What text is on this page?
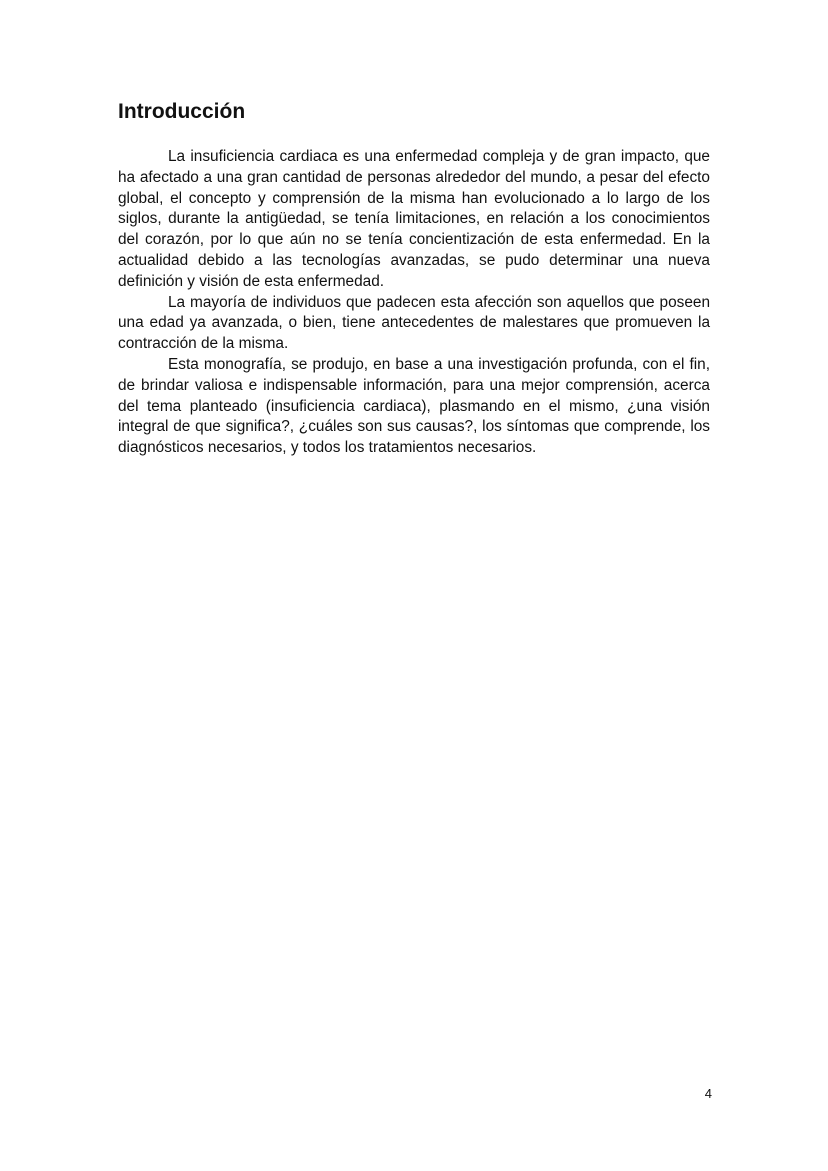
Introducción

La insuficiencia cardiaca es una enfermedad compleja y de gran impacto, que ha afectado a una gran cantidad de personas alrededor del mundo, a pesar del efecto global, el concepto y comprensión de la misma han evolucionado a lo largo de los siglos, durante la antigüedad, se tenía limitaciones, en relación a los conocimientos del corazón, por lo que aún no se tenía concientización de esta enfermedad. En la actualidad debido a las tecnologías avanzadas, se pudo determinar una nueva definición y visión de esta enfermedad.

La mayoría de individuos que padecen esta afección son aquellos que poseen una edad ya avanzada, o bien, tiene antecedentes de malestares que promueven la contracción de la misma.

Esta monografía, se produjo, en base a una investigación profunda, con el fin, de brindar valiosa e indispensable información, para una mejor comprensión, acerca del tema planteado (insuficiencia cardiaca), plasmando en el mismo, ¿una visión integral de que significa?, ¿cuáles son sus causas?, los síntomas que comprende, los diagnósticos necesarios, y todos los tratamientos necesarios.

4
